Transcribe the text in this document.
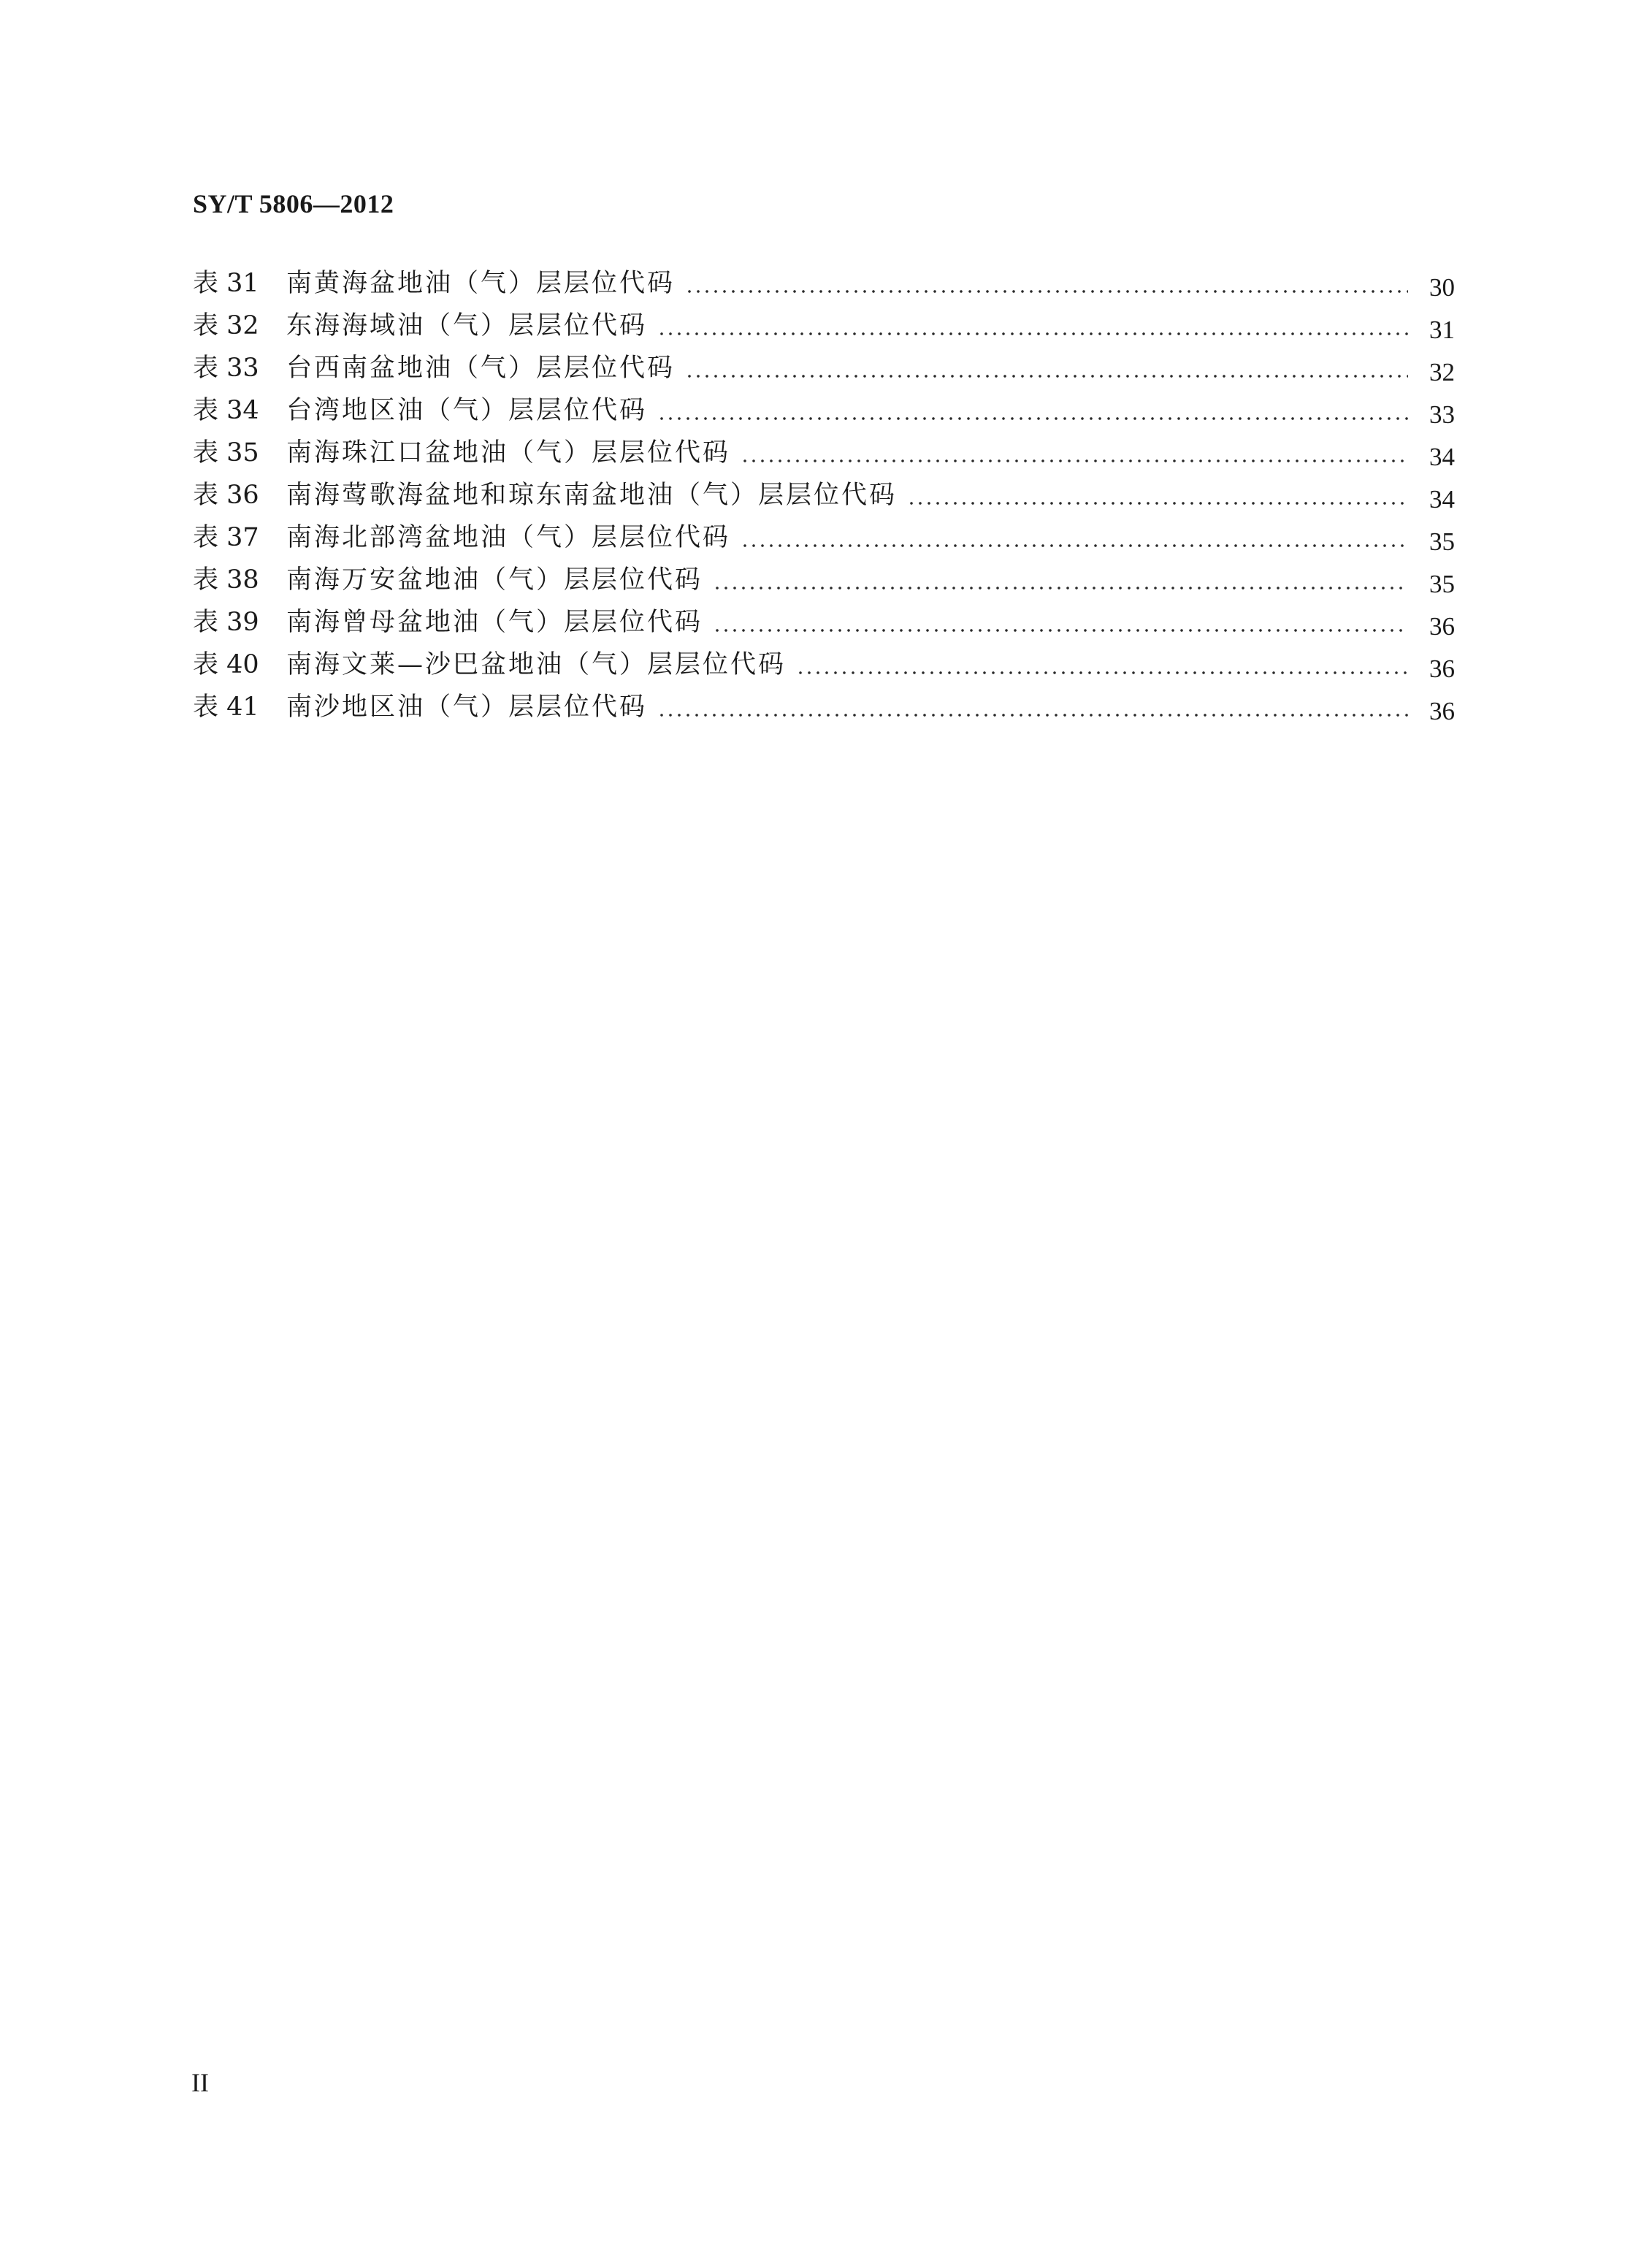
SY/T 5806—2012
表 31	南黄海盆地油（气）层层位代码	30
表 32	东海海域油（气）层层位代码	31
表 33	台西南盆地油（气）层层位代码	32
表 34	台湾地区油（气）层层位代码	33
表 35	南海珠江口盆地油（气）层层位代码	34
表 36	南海莺歌海盆地和琼东南盆地油（气）层层位代码	34
表 37	南海北部湾盆地油（气）层层位代码	35
表 38	南海万安盆地油（气）层层位代码	35
表 39	南海曾母盆地油（气）层层位代码	36
表 40	南海文莱—沙巴盆地油（气）层层位代码	36
表 41	南沙地区油（气）层层位代码	36
II
